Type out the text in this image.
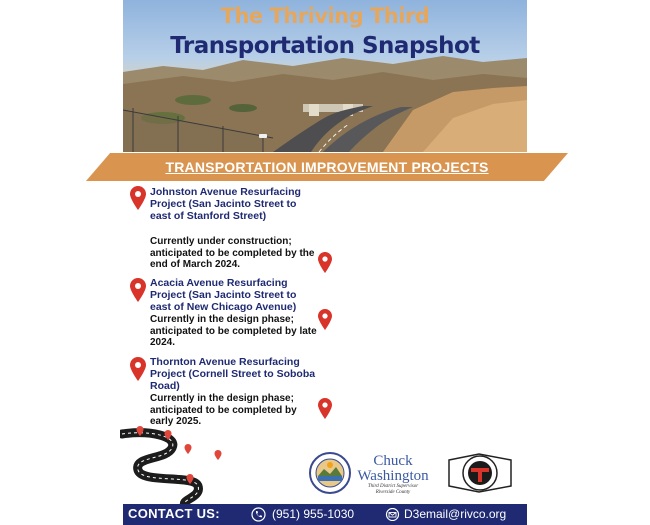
The Thriving Third
Transportation Snapshot
TRANSPORTATION IMPROVEMENT PROJECTS
Johnston Avenue Resurfacing Project (San Jacinto Street to east of Stanford Street)
Currently under construction; anticipated to be completed by the end of March 2024.
Acacia Avenue Resurfacing Project (San Jacinto Street to east of New Chicago Avenue)
Currently in the design phase; anticipated to be completed by late 2024.
Thornton Avenue Resurfacing Project (Cornell Street to Soboba Road)
Currently in the design phase; anticipated to be completed by early 2025.
Chuck
Washington
Third District Supervisor
Riverside County
CONTACT US:	(951) 955-1030	D3email@rivco.org
